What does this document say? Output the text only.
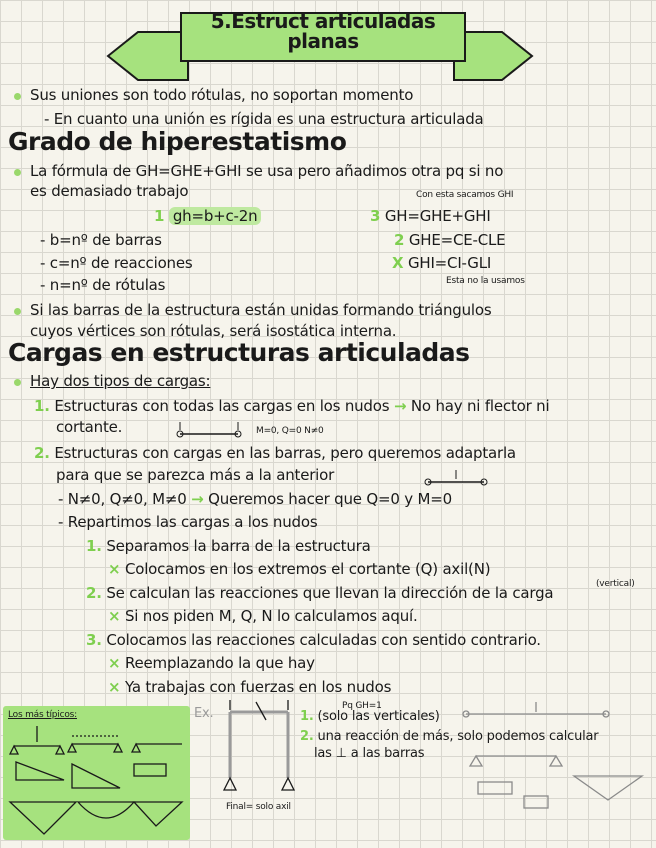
5.Estruct articuladas
planas
Sus uniones son todo rótulas, no soportan momento
- En cuanto una unión es rígida es una estructura articulada
Grado de hiperestatismo
La fórmula de GH=GHE+GHI se usa pero añadimos otra pq si no
es demasiado trabajo
1 gh=b+c-2n
- b=nº de barras
- c=nº de reacciones
- n=nº de rótulas
Con esta sacamos GHI
3 GH=GHE+GHI
2 GHE=CE-CLE
X GHI=CI-GLI
Esta no la usamos
Si las barras de la estructura están unidas formando triángulos
cuyos vértices son rótulas, será isostática interna.
Cargas en estructuras articuladas
Hay dos tipos de cargas:
1. Estructuras con todas las cargas en los nudos → No hay ni flector ni
cortante.	M=0, Q=0 N≠0
2. Estructuras con cargas en las barras, pero queremos adaptarla
para que se parezca más a la anterior
- N≠0, Q≠0, M≠0 → Queremos hacer que Q=0 y M=0
- Repartimos las cargas a los nudos
1. Separamos la barra de la estructura
× Colocamos en los extremos el cortante (Q) axil(N)
2. Se calculan las reacciones que llevan la dirección de la carga	(vertical)
× Si nos piden M, Q, N lo calculamos aquí.
3. Colocamos las reacciones calculadas con sentido contrario.
× Reemplazando la que hay
× Ya trabajas con fuerzas en los nudos
Los más típicos:	Ex.	Pq GH=1
1. (solo las verticales)
2. una reacción de más, solo podemos calcular
las ⊥ a las barras
Final= solo axil
